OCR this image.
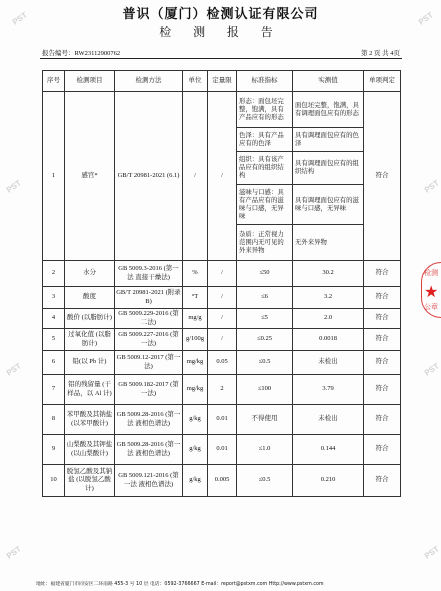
普识（厦门）检测认证有限公司
检 测 报 告
报告编号：RW23112900762	第 2 页 共 4页
PST	PST
PST	PST
PST	PST
PST	PST
序号	检测项目	检测方法	单位	定量限	标准指标	实测值	单项判定
1	感官*	GB/T 20981-2021 (6.1)	/	/	形态：面包坯完整，饱满，具有产品应有的形态	面包坯完整，饱满，具有调理面包应有的形态	符合
					色泽：具有产品应有的色泽	具有调理面包应有的色泽	
					组织：具有该产品应有的组织结构	具有调理面包应有的组织结构	
					滋味与口感：具有产品应有的滋味与口感，无异味	具有调理面包应有的滋味与口感，无异味	
					杂质：正常视力范围内无可见的外来异物	无外来异物	
2	水分	GB 5009.3-2016 (第一法 直接干燥法)	%	/	≤50	30.2	符合
3	酸度	GB/T 20981-2021 (附录 B)	°T	/	≤6	3.2	符合
4	酸价 (以脂肪计)	GB 5009.229-2016 (第二法)	mg/g	/	≤5	2.0	符合
5	过氧化值 (以脂肪计)	GB 5009.227-2016 (第一法)	g/100g	/	≤0.25	0.0018	符合
6	铅(以 Pb 计)	GB 5009.12-2017 (第一法)	mg/kg	0.05	≤0.5	未检出	符合
7	铝的残留量 (干样品，以 Al 计)	GB 5009.182-2017 (第一法)	mg/kg	2	≤100	3.79	符合
8	苯甲酸及其钠盐(以苯甲酸计)	GB 5009.28-2016 (第一法 液相色谱法)	g/kg	0.01	不得使用	未检出	符合
9	山梨酸及其钾盐(以山梨酸计)	GB 5009.28-2016 (第一法 液相色谱法)	g/kg	0.01	≤1.0	0.144	符合
10	脱氢乙酸及其钠盐 (以脱氢乙酸计)	GB 5009.121-2016 (第一法 液相色谱法)	g/kg	0.005	≤0.5	0.210	符合
检测
★
公章
地址：福建省厦门市同安区二环南路 455-3 号 10 层 电话：0592-3766667 E-mail：report@pstxm.com Http://www.pstxm.com
